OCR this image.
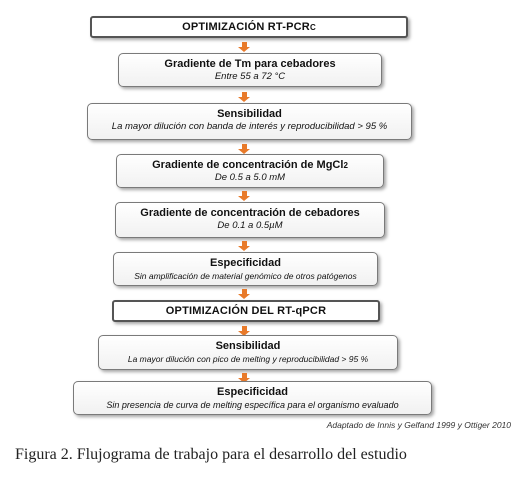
OPTIMIZACIÓN RT-PCR C
Gradiente de Tm para cebadores
Entre 55 a 72 °C
Sensibilidad
La mayor dilución con banda de interés y reproducibilidad > 95 %
Gradiente de concentración de MgCl2
De 0.5 a 5.0 mM
Gradiente de concentración de cebadores
De 0.1 a 0.5µM
Especificidad
Sin amplificación de material genómico de otros patógenos
OPTIMIZACIÓN DEL RT-qPCR
Sensibilidad
La mayor dilución con pico de melting y reproducibilidad > 95 %
Especificidad
Sin presencia de curva de melting específica para el organismo evaluado
Adaptado de Innis y Gelfand 1999 y Ottiger 2010
Figura 2. Flujograma de trabajo para el desarrollo del estudio
